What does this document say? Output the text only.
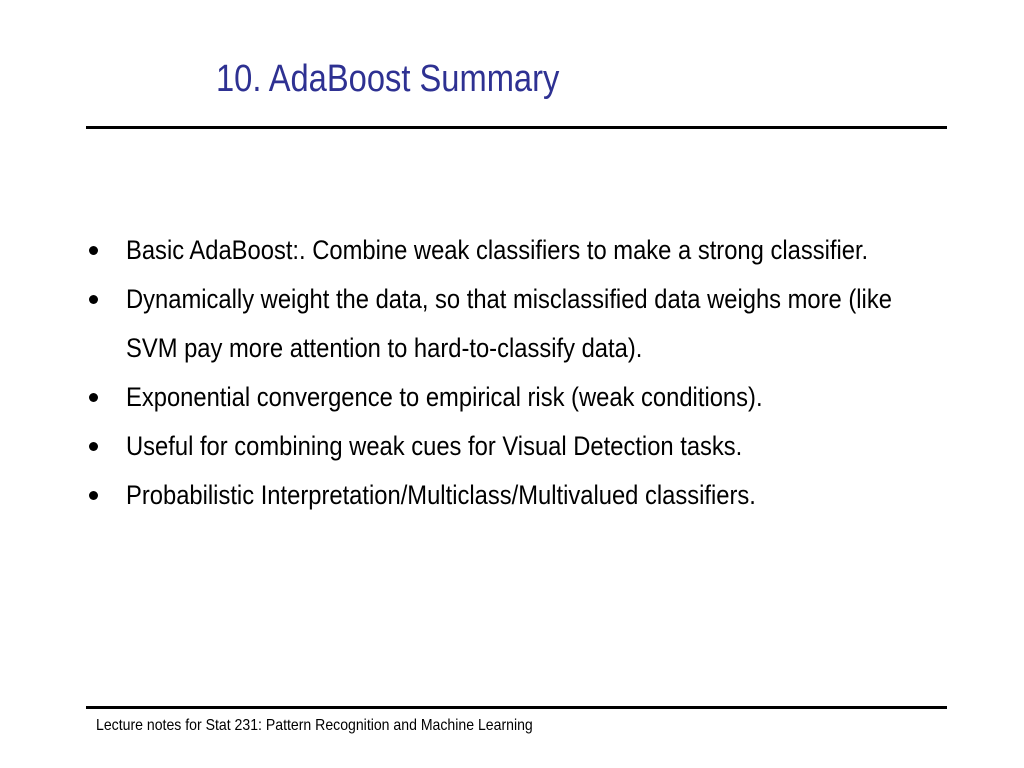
10. AdaBoost Summary
Basic AdaBoost:. Combine weak classifiers to make a strong classifier.
Dynamically weight the data, so that misclassified data weighs more (like SVM pay more attention to hard-to-classify data).
Exponential convergence to empirical risk (weak conditions).
Useful for combining weak cues for Visual Detection tasks.
Probabilistic Interpretation/Multiclass/Multivalued classifiers.
Lecture notes for Stat 231: Pattern Recognition and Machine Learning
